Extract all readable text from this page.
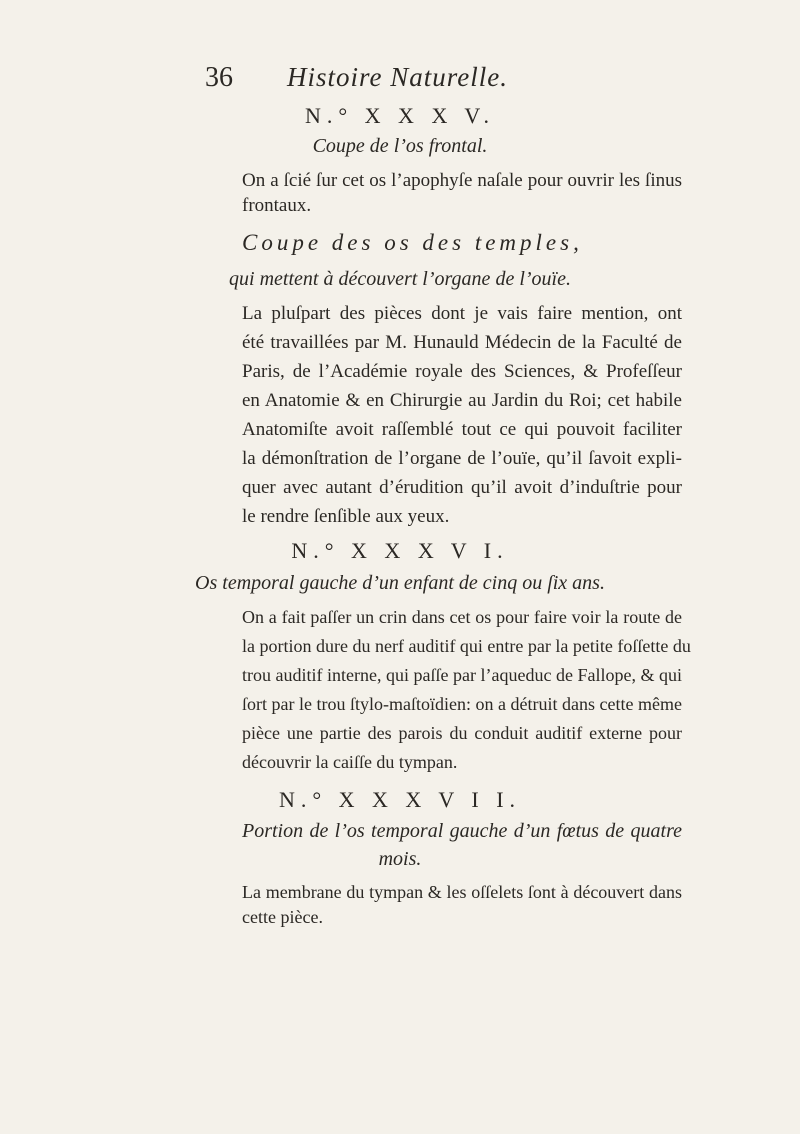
36 Histoire Naturelle.
N.° X X X V.
Coupe de l’os frontal.
On a ſcié ſur cet os l’apophyſe naſale pour ouvrir les ſinus
frontaux.
Coupe des os des temples,
qui mettent à découvert l’organe de l’ouïe.
La pluſpart des pièces dont je vais faire mention, ont
été travaillées par M. Hunauld Médecin de la Faculté de
Paris, de l’Académie royale des Sciences, & Profeſſeur
en Anatomie & en Chirurgie au Jardin du Roi; cet habile
Anatomiſte avoit raſſemblé tout ce qui pouvoit faciliter
la démonſtration de l’organe de l’ouïe, qu’il ſavoit expli-
quer avec autant d’érudition qu’il avoit d’induſtrie pour
le rendre ſenſible aux yeux.
N.° X X X V I.
Os temporal gauche d’un enfant de cinq ou ſix ans.
On a fait paſſer un crin dans cet os pour faire voir la route de
la portion dure du nerf auditif qui entre par la petite foſſette du
trou auditif interne, qui paſſe par l’aqueduc de Fallope, & qui
ſort par le trou ſtylo-maſtoïdien: on a détruit dans cette même
pièce une partie des parois du conduit auditif externe pour
découvrir la caiſſe du tympan.
N.° X X X V I I.
Portion de l’os temporal gauche d’un fœtus de quatre
mois.
La membrane du tympan & les oſſelets ſont à découvert dans
cette pièce.
